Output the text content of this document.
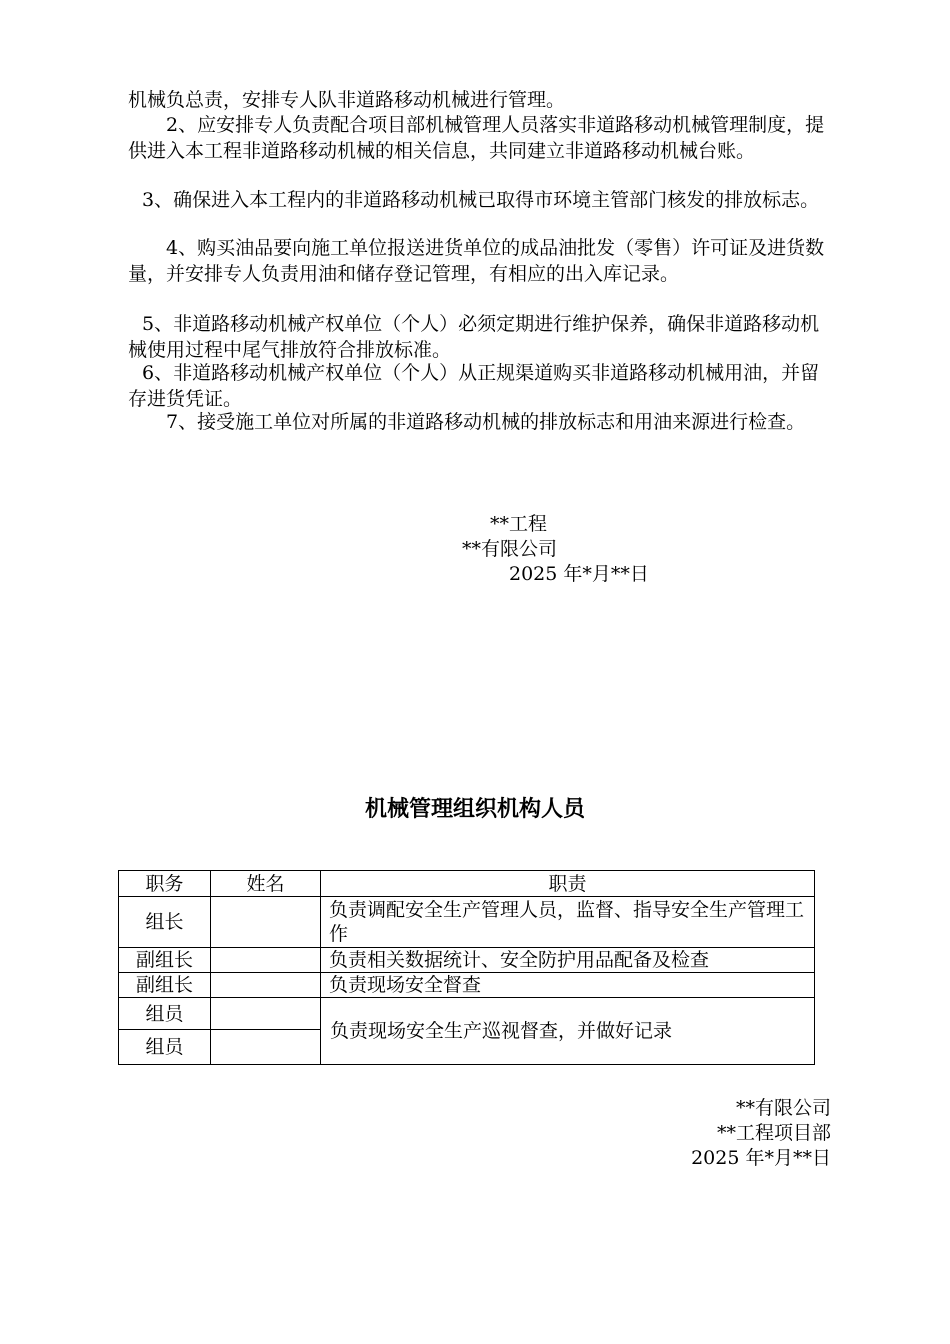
机械负总责，安排专人队非道路移动机械进行管理。

　2、应安排专人负责配合项目部机械管理人员落实非道路移动机械管理制度，提供进入本工程非道路移动机械的相关信息，共同建立非道路移动机械台账。

3、确保进入本工程内的非道路移动机械已取得市环境主管部门核发的排放标志。

　4、购买油品要向施工单位报送进货单位的成品油批发（零售）许可证及进货数量，并安排专人负责用油和储存登记管理，有相应的出入库记录。

5、非道路移动机械产权单位（个人）必须定期进行维护保养，确保非道路移动机械使用过程中尾气排放符合排放标准。

6、非道路移动机械产权单位（个人）从正规渠道购买非道路移动机械用油，并留存进货凭证。

　7、接受施工单位对所属的非道路移动机械的排放标志和用油来源进行检查。

**工程
**有限公司
2025 年*月**日
机械管理组织机构人员
职务	姓名	职责
组长		负责调配安全生产管理人员，监督、指导安全生产管理工作
副组长		负责相关数据统计、安全防护用品配备及检查
副组长		负责现场安全督查
组员		负责现场安全生产巡视督查，并做好记录
组员		
**有限公司
**工程项目部
2025 年*月**日
